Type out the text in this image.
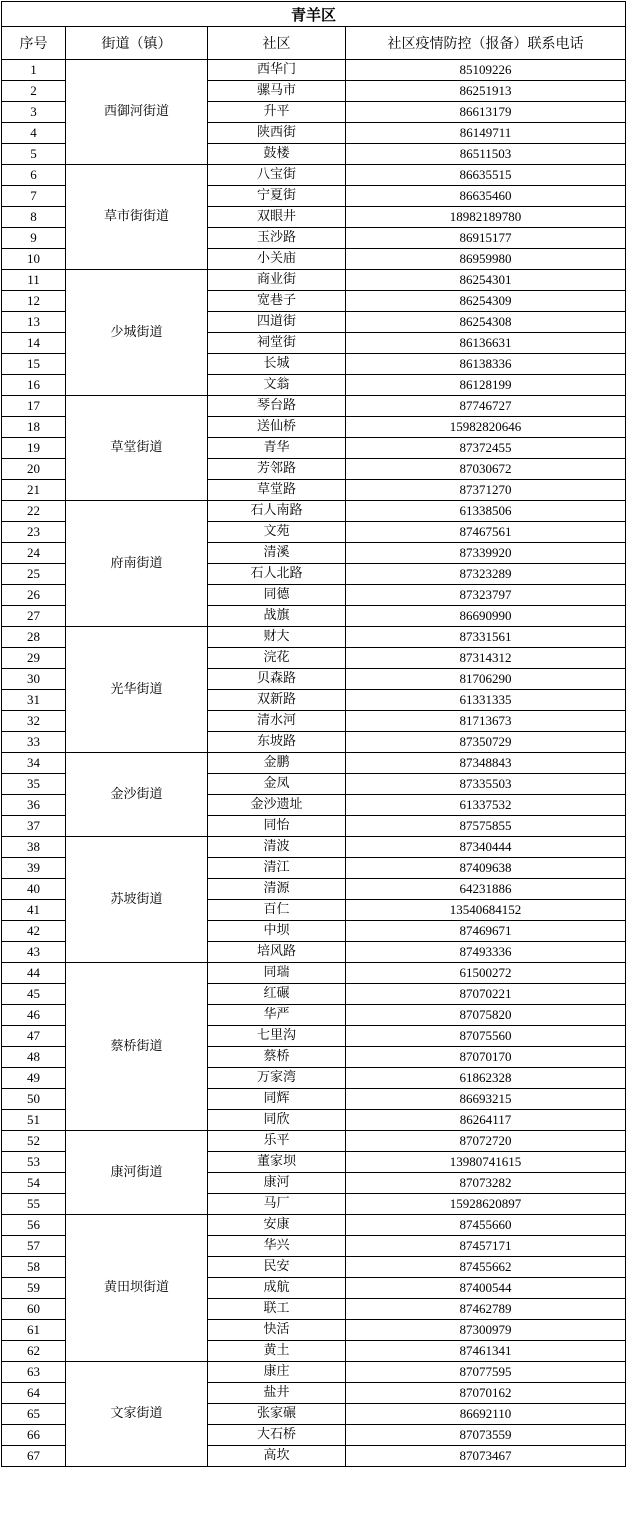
青羊区			
序号	街道（镇）	社区	社区疫情防控（报备）联系电话
1	西御河街道	西华门	85109226
2		骡马市	86251913
3		升平	86613179
4		陕西街	86149711
5		鼓楼	86511503
6	草市街街道	八宝街	86635515
7		宁夏街	86635460
8		双眼井	18982189780
9		玉沙路	86915177
10		小关庙	86959980
11	少城街道	商业街	86254301
12		宽巷子	86254309
13		四道街	86254308
14		祠堂街	86136631
15		长城	86138336
16		文翁	86128199
17	草堂街道	琴台路	87746727
18		送仙桥	15982820646
19		青华	87372455
20		芳邻路	87030672
21		草堂路	87371270
22	府南街道	石人南路	61338506
23		文苑	87467561
24		清溪	87339920
25		石人北路	87323289
26		同德	87323797
27		战旗	86690990
28	光华街道	财大	87331561
29		浣花	87314312
30		贝森路	81706290
31		双新路	61331335
32		清水河	81713673
33		东坡路	87350729
34	金沙街道	金鹏	87348843
35		金凤	87335503
36		金沙遗址	61337532
37		同怡	87575855
38	苏坡街道	清波	87340444
39		清江	87409638
40		清源	64231886
41		百仁	13540684152
42		中坝	87469671
43		培风路	87493336
44	蔡桥街道	同瑞	61500272
45		红碾	87070221
46		华严	87075820
47		七里沟	87075560
48		蔡桥	87070170
49		万家湾	61862328
50		同辉	86693215
51		同欣	86264117
52	康河街道	乐平	87072720
53		董家坝	13980741615
54		康河	87073282
55		马厂	15928620897
56	黄田坝街道	安康	87455660
57		华兴	87457171
58		民安	87455662
59		成航	87400544
60		联工	87462789
61		快活	87300979
62		黄土	87461341
63	文家街道	康庄	87077595
64		盐井	87070162
65		张家碾	86692110
66		大石桥	87073559
67		高坎	87073467
